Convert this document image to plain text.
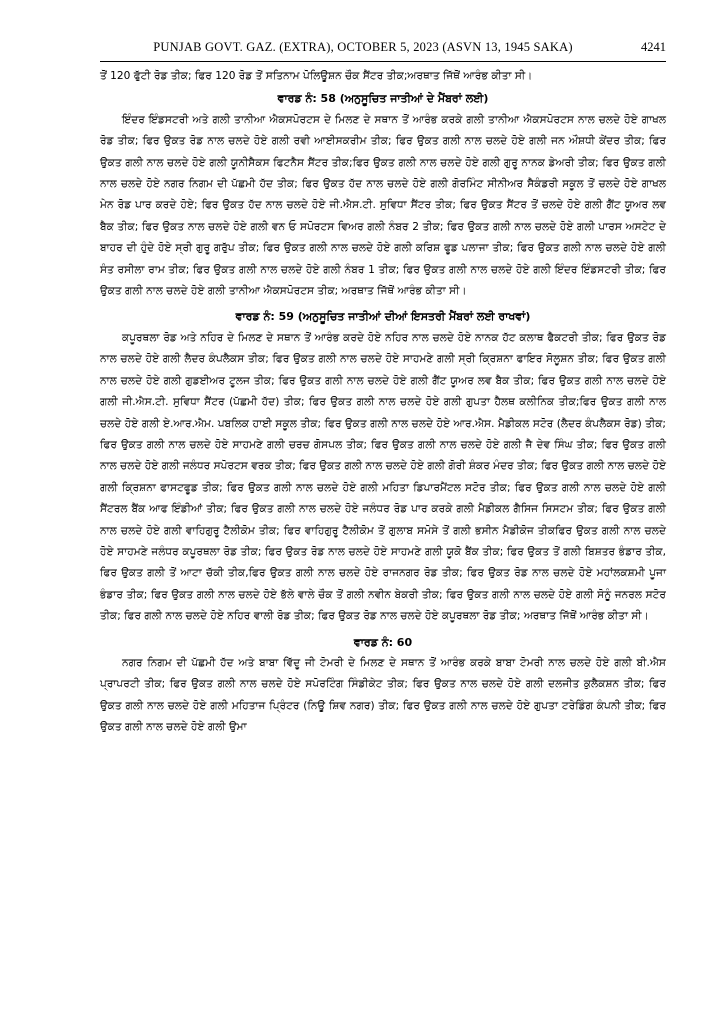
PUNJAB GOVT. GAZ. (EXTRA), OCTOBER 5, 2023 (ASVN 13, 1945 SAKA)	4241

ਤੋਂ 120 ਫੁੱਟੀ ਰੋਡ ਤੀਕ; ਫਿਰ 120 ਰੋਡ ਤੋਂ ਸਤਿਨਾਮ ਪੋਲਿਊਸ਼ਨ ਚੌਕ ਸੈਂਟਰ ਤੀਕ;ਅਰਥਾਤ ਜਿੱਥੋਂ ਆਰੰਭ ਕੀਤਾ ਸੀ।

ਵਾਰਡ ਨੰ: 58 (ਅਨੁਸੂਚਿਤ ਜਾਤੀਆਂ ਦੇ ਮੈਂਬਰਾਂ ਲਈ)

ਇੰਦਰ ਇੰਡਸਟਰੀ ਅਤੇ ਗਲੀ ਤਾਨੀਆ ਐਕਸਪੋਰਟਸ ਦੇ ਮਿਲਣ ਦੇ ਸਥਾਨ ਤੋਂ ਆਰੰਭ ਕਰਕੇ ਗਲੀ ਤਾਨੀਆ ਐਕਸਪੋਰਟਸ ਨਾਲ ਚਲਦੇ ਹੋਏ ਗਾਖਲ ਰੋਡ ਤੀਕ; ਫਿਰ ਉਕਤ ਰੋਡ ਨਾਲ ਚਲਦੇ ਹੋਏ ਗਲੀ ਰਵੀ ਆਈਸਕਰੀਮ ਤੀਕ; ਫਿਰ ਉਕਤ ਗਲੀ ਨਾਲ ਚਲਦੇ ਹੋਏ ਗਲੀ ਜਨ ਔਸ਼ਧੀ ਕੇਂਦਰ ਤੀਕ; ਫਿਰ ਉਕਤ ਗਲੀ ਨਾਲ ਚਲਦੇ ਹੋਏ ਗਲੀ ਯੂਨੀਸੈਕਸ ਫਿਟਨੈਸ ਸੈਂਟਰ ਤੀਕ;ਫਿਰ ਉਕਤ ਗਲੀ ਨਾਲ ਚਲਦੇ ਹੋਏ ਗਲੀ ਗੁਰੂ ਨਾਨਕ ਡੇਅਰੀ ਤੀਕ; ਫਿਰ ਉਕਤ ਗਲੀ ਨਾਲ ਚਲਦੇ ਹੋਏ ਨਗਰ ਨਿਗਮ ਦੀ ਪੱਛਮੀ ਹੱਦ ਤੀਕ; ਫਿਰ ਉਕਤ ਹੱਦ ਨਾਲ ਚਲਦੇ ਹੋਏ ਗਲੀ ਗੋਰਮਿੰਟ ਸੀਨੀਅਰ ਸੈਕੰਡਰੀ ਸਕੂਲ ਤੋਂ ਚਲਦੇ ਹੋਏ ਗਾਖਲ ਮੇਨ ਰੋਡ ਪਾਰ ਕਰਦੇ ਹੋਏ; ਫਿਰ ਉਕਤ ਹੱਦ ਨਾਲ ਚਲਦੇ ਹੋਏ ਜੀ.ਐਸ.ਟੀ. ਸੁਵਿਧਾ ਸੈਂਟਰ ਤੀਕ; ਫਿਰ ਉਕਤ ਸੈਂਟਰ ਤੋਂ ਚਲਦੇ ਹੋਏ ਗਲੀ ਗੈਂਟ ਯੂਅਰ ਲਵ ਬੈਕ ਤੀਕ; ਫਿਰ ਉਕਤ ਨਾਲ ਚਲਦੇ ਹੋਏ ਗਲੀ ਵਨ ਓ ਸਪੋਰਟਸ ਵਿਅਰ ਗਲੀ ਨੰਬਰ 2 ਤੀਕ; ਫਿਰ ਉਕਤ ਗਲੀ ਨਾਲ ਚਲਦੇ ਹੋਏ ਗਲੀ ਪਾਰਸ ਅਸਟੇਟ ਦੇ ਬਾਹਰ ਦੀ ਹੁੰਦੇ ਹੋਏ ਸ੍ਰੀ ਗੁਰੂ ਗਰੁੱਪ ਤੀਕ; ਫਿਰ ਉਕਤ ਗਲੀ ਨਾਲ ਚਲਦੇ ਹੋਏ ਗਲੀ ਕਰਿਸ਼ ਫੂਡ ਪਲਾਜਾ ਤੀਕ; ਫਿਰ ਉਕਤ ਗਲੀ ਨਾਲ ਚਲਦੇ ਹੋਏ ਗਲੀ ਸੰਤ ਰਸੀਲਾ ਰਾਮ ਤੀਕ; ਫਿਰ ਉਕਤ ਗਲੀ ਨਾਲ ਚਲਦੇ ਹੋਏ ਗਲੀ ਨੰਬਰ 1 ਤੀਕ; ਫਿਰ ਉਕਤ ਗਲੀ ਨਾਲ ਚਲਦੇ ਹੋਏ ਗਲੀ ਇੰਦਰ ਇੰਡਸਟਰੀ ਤੀਕ; ਫਿਰ ਉਕਤ ਗਲੀ ਨਾਲ ਚਲਦੇ ਹੋਏ ਗਲੀ ਤਾਨੀਆ ਐਕਸਪੋਰਟਸ ਤੀਕ; ਅਰਥਾਤ ਜਿੱਥੋਂ ਆਰੰਭ ਕੀਤਾ ਸੀ।

ਵਾਰਡ ਨੰ: 59 (ਅਨੁਸੂਚਿਤ ਜਾਤੀਆਂ ਦੀਆਂ ਇਸਤਰੀ ਮੈਂਬਰਾਂ ਲਈ ਰਾਖਵਾਂ)

ਕਪੂਰਥਲਾ ਰੋਡ ਅਤੇ ਨਹਿਰ ਦੇ ਮਿਲਣ ਦੇ ਸਥਾਨ ਤੋਂ ਆਰੰਭ ਕਰਦੇ ਹੋਏ ਨਹਿਰ ਨਾਲ ਚਲਦੇ ਹੋਏ ਨਾਨਕ ਹੱਟ ਕਲਾਥ ਫੈਕਟਰੀ ਤੀਕ; ਫਿਰ ਉਕਤ ਰੋਡ ਨਾਲ ਚਲਦੇ ਹੋਏ ਗਲੀ ਲੈਦਰ ਕੰਪਲੈਕਸ ਤੀਕ; ਫਿਰ ਉਕਤ ਗਲੀ ਨਾਲ ਚਲਦੇ ਹੋਏ ਸਾਹਮਣੇ ਗਲੀ ਸ੍ਰੀ ਕ੍ਰਿਸ਼ਨਾ ਫਾਇਰ ਸੋਲੂਸ਼ਨ ਤੀਕ; ਫਿਰ ਉਕਤ ਗਲੀ ਨਾਲ ਚਲਦੇ ਹੋਏ ਗਲੀ ਗੁਡਈਅਰ ਟੂਲਜ ਤੀਕ; ਫਿਰ ਉਕਤ ਗਲੀ ਨਾਲ ਚਲਦੇ ਹੋਏ ਗਲੀ ਗੈਂਟ ਯੂਅਰ ਲਵ ਬੈਕ ਤੀਕ; ਫਿਰ ਉਕਤ ਗਲੀ ਨਾਲ ਚਲਦੇ ਹੋਏ ਗਲੀ ਜੀ.ਐਸ.ਟੀ. ਸੁਵਿਧਾ ਸੈਂਟਰ (ਪੱਛਮੀ ਹੱਦ) ਤੀਕ; ਫਿਰ ਉਕਤ ਗਲੀ ਨਾਲ ਚਲਦੇ ਹੋਏ ਗਲੀ ਗੁਪਤਾ ਹੈਲਥ ਕਲੀਨਿਕ ਤੀਕ;ਫਿਰ ਉਕਤ ਗਲੀ ਨਾਲ ਚਲਦੇ ਹੋਏ ਗਲੀ ਏ.ਆਰ.ਐਮ. ਪਬਲਿਕ ਹਾਈ ਸਕੂਲ ਤੀਕ; ਫਿਰ ਉਕਤ ਗਲੀ ਨਾਲ ਚਲਦੇ ਹੋਏ ਆਰ.ਐਸ. ਮੈਡੀਕਲ ਸਟੋਰ (ਲੈਦਰ ਕੰਪਲੈਕਸ ਰੋਡ) ਤੀਕ; ਫਿਰ ਉਕਤ ਗਲੀ ਨਾਲ ਚਲਦੇ ਹੋਏ ਸਾਹਮਣੇ ਗਲੀ ਚਰਚ ਗੋਸਪਲ ਤੀਕ; ਫਿਰ ਉਕਤ ਗਲੀ ਨਾਲ ਚਲਦੇ ਹੋਏ ਗਲੀ ਜੈ ਦੇਵ ਸਿੰਘ ਤੀਕ; ਫਿਰ ਉਕਤ ਗਲੀ ਨਾਲ ਚਲਦੇ ਹੋਏ ਗਲੀ ਜਲੰਧਰ ਸਪੋਰਟਸ ਵਰਕ ਤੀਕ; ਫਿਰ ਉਕਤ ਗਲੀ ਨਾਲ ਚਲਦੇ ਹੋਏ ਗਲੀ ਗੋਰੀ ਸ਼ੰਕਰ ਮੰਦਰ ਤੀਕ; ਫਿਰ ਉਕਤ ਗਲੀ ਨਾਲ ਚਲਦੇ ਹੋਏ ਗਲੀ ਕ੍ਰਿਸ਼ਨਾ ਫਾਸਟਫੂਡ ਤੀਕ; ਫਿਰ ਉਕਤ ਗਲੀ ਨਾਲ ਚਲਦੇ ਹੋਏ ਗਲੀ ਮਹਿਤਾ ਡਿਪਾਰਮੈਂਟਲ ਸਟੋਰ ਤੀਕ; ਫਿਰ ਉਕਤ ਗਲੀ ਨਾਲ ਚਲਦੇ ਹੋਏ ਗਲੀ ਸੈਂਟਰਲ ਬੈਂਕ ਆਫ ਇੰਡੀਆਂ ਤੀਕ; ਫਿਰ ਉਕਤ ਗਲੀ ਨਾਲ ਚਲਦੇ ਹੋਏ ਜਲੰਧਰ ਰੋਡ ਪਾਰ ਕਰਕੇ ਗਲੀ ਮੈਡੀਕਲ ਗੈਸਿਜ ਸਿਸਟਮ ਤੀਕ; ਫਿਰ ਉਕਤ ਗਲੀ ਨਾਲ ਚਲਦੇ ਹੋਏ ਗਲੀ ਵਾਹਿਗੁਰੂ ਟੈਲੀਕੋਮ ਤੀਕ; ਫਿਰ ਵਾਹਿਗੁਰੂ ਟੈਲੀਕੋਮ ਤੋਂ ਗੁਲਾਬ ਸਮੋਸੇ ਤੋਂ ਗਲੀ ਭਸੀਨ ਮੈਡੀਕੋਜ ਤੀਕਫਿਰ ਉਕਤ ਗਲੀ ਨਾਲ ਚਲਦੇ ਹੋਏ ਸਾਹਮਣੇ ਜਲੰਧਰ ਕਪੂਰਥਲਾ ਰੋਡ ਤੀਕ; ਫਿਰ ਉਕਤ ਰੋਡ ਨਾਲ ਚਲਦੇ ਹੋਏ ਸਾਹਮਣੇ ਗਲੀ ਯੂਕੋ ਬੈਂਕ ਤੀਕ; ਫਿਰ ਉਕਤ ਤੋਂ ਗਲੀ ਬਿਸ਼ਤਰ ਭੰਡਾਰ ਤੀਕ, ਫਿਰ ਉਕਤ ਗਲੀ ਤੋਂ ਆਟਾ ਚੱਕੀ ਤੀਕ,ਫਿਰ ਉਕਤ ਗਲੀ ਨਾਲ ਚਲਦੇ ਹੋਏ ਰਾਜਨਗਰ ਰੋਡ ਤੀਕ; ਫਿਰ ਉਕਤ ਰੋਡ ਨਾਲ ਚਲਦੇ ਹੋਏ ਮਹਾਂਲਕਸ਼ਮੀ ਪੂਜਾ ਭੰਡਾਰ ਤੀਕ; ਫਿਰ ਉਕਤ ਗਲੀ ਨਾਲ ਚਲਦੇ ਹੋਏ ਭੱਲੇ ਵਾਲੇ ਚੌਕ ਤੋਂ ਗਲੀ ਨਵੀਨ ਬੇਕਰੀ ਤੀਕ; ਫਿਰ ਉਕਤ ਗਲੀ ਨਾਲ ਚਲਦੇ ਹੋਏ ਗਲੀ ਸੋਨੂੰ ਜਨਰਲ ਸਟੋਰ ਤੀਕ; ਫਿਰ ਗਲੀ ਨਾਲ ਚਲਦੇ ਹੋਏ ਨਹਿਰ ਵਾਲੀ ਰੋਡ ਤੀਕ; ਫਿਰ ਉਕਤ ਰੋਡ ਨਾਲ ਚਲਦੇ ਹੋਏ ਕਪੂਰਥਲਾ ਰੋਡ ਤੀਕ; ਅਰਥਾਤ ਜਿੱਥੋਂ ਆਰੰਭ ਕੀਤਾ ਸੀ।

ਵਾਰਡ ਨੰ: 60

ਨਗਰ ਨਿਗਮ ਦੀ ਪੱਛਮੀ ਹੱਦ ਅਤੇ ਬਾਬਾ ਵਿੱਦੂ ਜੀ ਟੋਮਰੀ ਦੇ ਮਿਲਣ ਦੇ ਸਥਾਨ ਤੋਂ ਆਰੰਭ ਕਰਕੇ ਬਾਬਾ ਟੋਮਰੀ ਨਾਲ ਚਲਦੇ ਹੋਏ ਗਲੀ ਬੀ.ਐਸ ਪ੍ਰਾਪਰਟੀ ਤੀਕ; ਫਿਰ ਉਕਤ ਗਲੀ ਨਾਲ ਚਲਦੇ ਹੋਏ ਸਪੋਰਟਿੰਗ ਸਿੰਡੀਕੇਟ ਤੀਕ; ਫਿਰ ਉਕਤ ਨਾਲ ਚਲਦੇ ਹੋਏ ਗਲੀ ਦਲਜੀਤ ਕੁਲੈਕਸ਼ਨ ਤੀਕ; ਫਿਰ ਉਕਤ ਗਲੀ ਨਾਲ ਚਲਦੇ ਹੋਏ ਗਲੀ ਮਹਿਤਾਜ ਪ੍ਰਿੰਟਰ (ਨਿਊ ਸ਼ਿਵ ਨਗਰ) ਤੀਕ; ਫਿਰ ਉਕਤ ਗਲੀ ਨਾਲ ਚਲਦੇ ਹੋਏ ਗੁਪਤਾ ਟਰੇਡਿੰਗ ਕੰਪਨੀ ਤੀਕ; ਫਿਰ ਉਕਤ ਗਲੀ ਨਾਲ ਚਲਦੇ ਹੋਏ ਗਲੀ ਉਮਾ
